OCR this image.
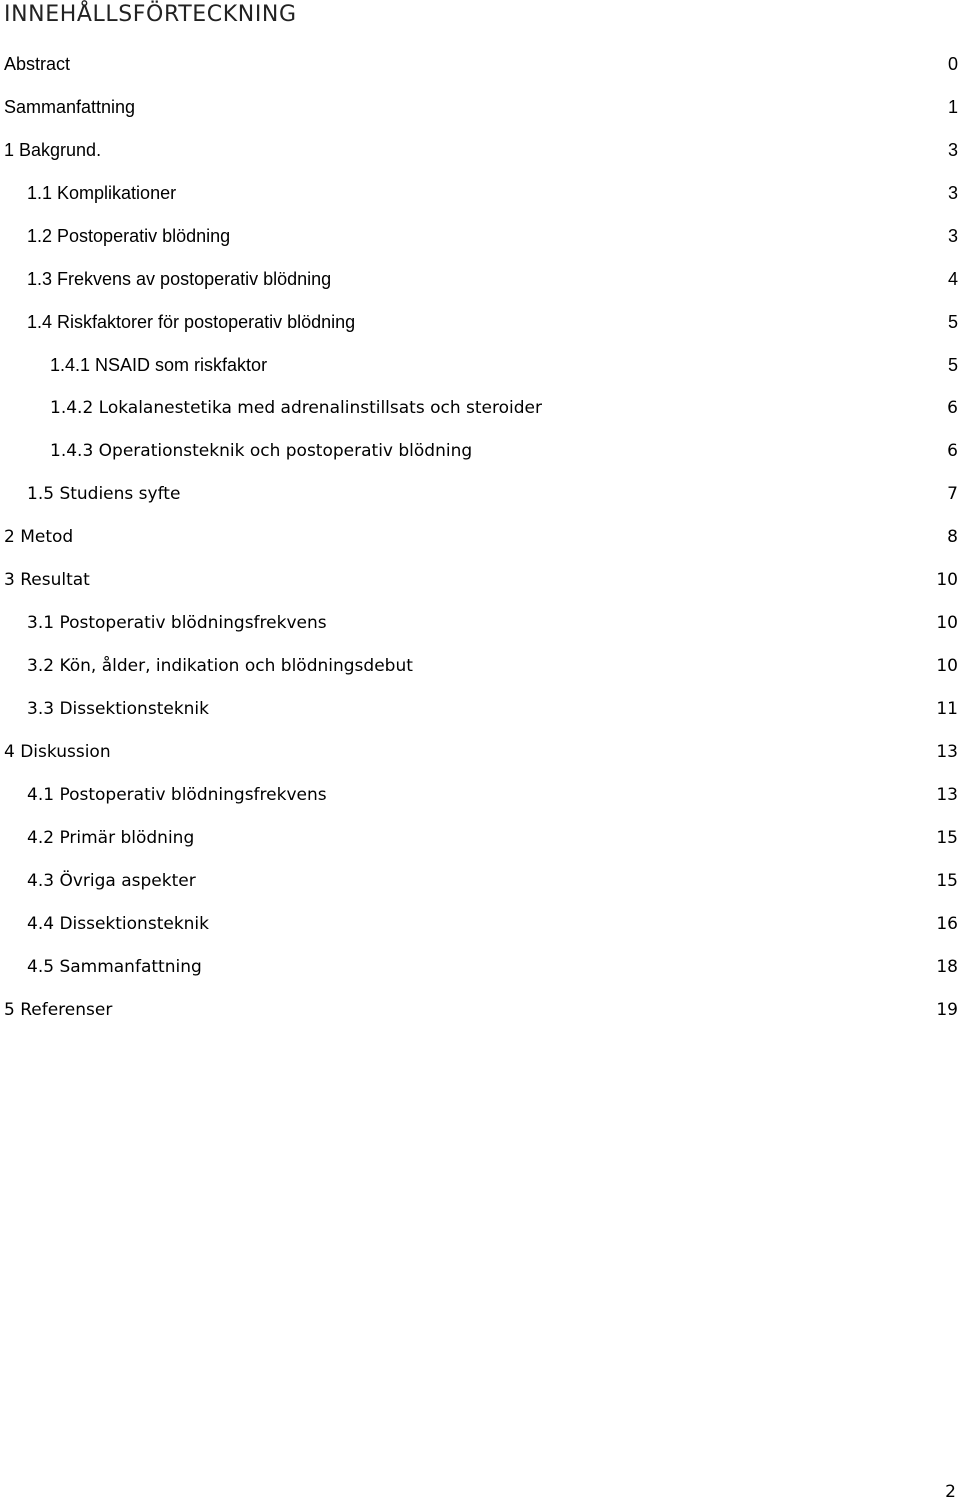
INNEHÅLLSFÖRTECKNING
Abstract	0
Sammanfattning	1
1 Bakgrund.	3
1.1 Komplikationer	3
1.2 Postoperativ blödning	3
1.3 Frekvens av postoperativ blödning	4
1.4 Riskfaktorer för postoperativ blödning	5
1.4.1 NSAID som riskfaktor	5
1.4.2 Lokalanestetika med adrenalinstillsats och steroider	6
1.4.3 Operationsteknik och postoperativ blödning	6
1.5 Studiens syfte	7
2 Metod	8
3 Resultat	10
3.1 Postoperativ blödningsfrekvens	10
3.2 Kön, ålder, indikation och blödningsdebut	10
3.3 Dissektionsteknik	11
4 Diskussion	13
4.1 Postoperativ blödningsfrekvens	13
4.2 Primär blödning	15
4.3 Övriga aspekter	15
4.4 Dissektionsteknik	16
4.5 Sammanfattning	18
5 Referenser	19
2
